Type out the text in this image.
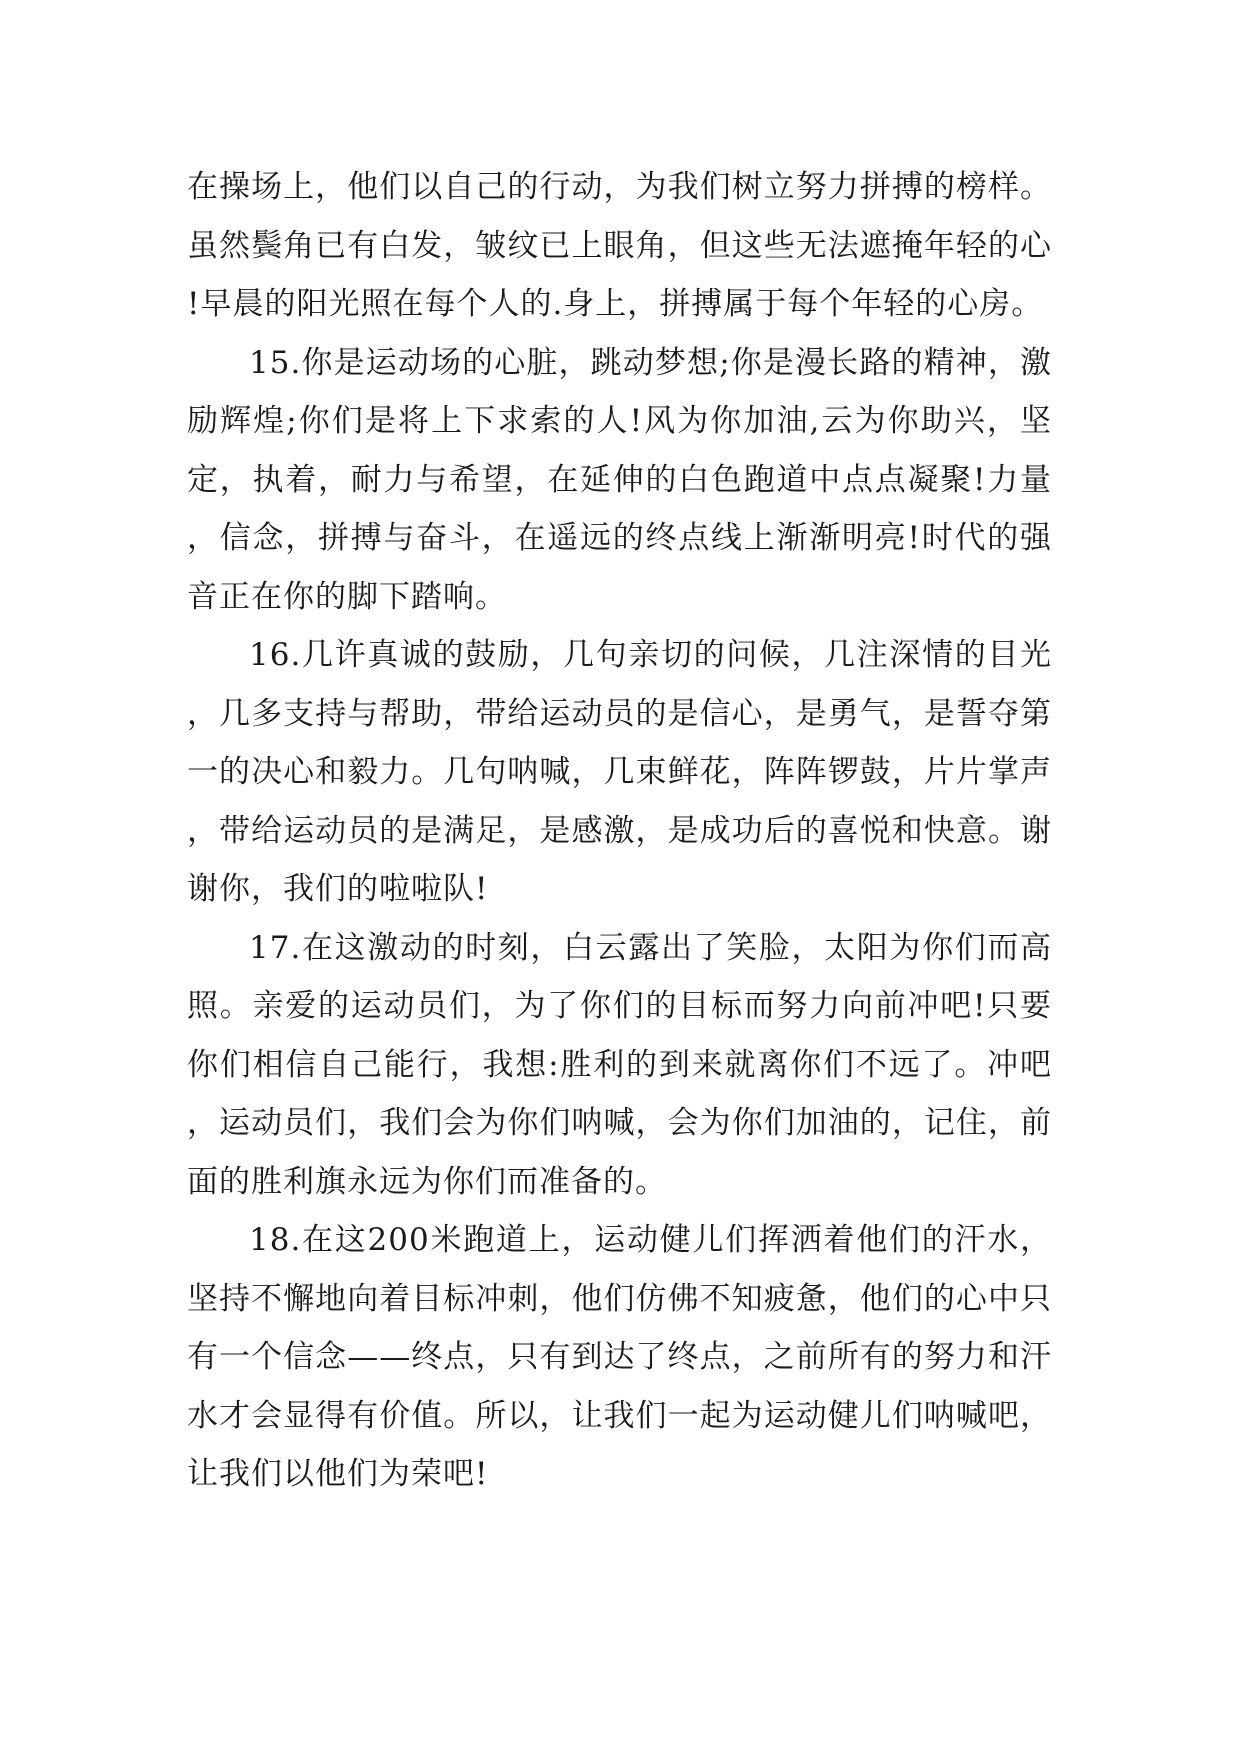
在操场上，他们以自己的行动，为我们树立努力拼搏的榜样。虽然鬓角已有白发，皱纹已上眼角，但这些无法遮掩年轻的心!早晨的阳光照在每个人的.身上，拼搏属于每个年轻的心房。

15.你是运动场的心脏，跳动梦想;你是漫长路的精神，激励辉煌;你们是将上下求索的人!风为你加油,云为你助兴，坚定，执着，耐力与希望，在延伸的白色跑道中点点凝聚!力量，信念，拼搏与奋斗，在遥远的终点线上渐渐明亮!时代的强音正在你的脚下踏响。

16.几许真诚的鼓励，几句亲切的问候，几注深情的目光，几多支持与帮助，带给运动员的是信心，是勇气，是誓夺第一的决心和毅力。几句呐喊，几束鲜花，阵阵锣鼓，片片掌声，带给运动员的是满足，是感激，是成功后的喜悦和快意。谢谢你，我们的啦啦队!

17.在这激动的时刻，白云露出了笑脸，太阳为你们而高照。亲爱的运动员们，为了你们的目标而努力向前冲吧!只要你们相信自己能行，我想:胜利的到来就离你们不远了。冲吧，运动员们，我们会为你们呐喊，会为你们加油的，记住，前面的胜利旗永远为你们而准备的。

18.在这200米跑道上，运动健儿们挥洒着他们的汗水，坚持不懈地向着目标冲刺，他们仿佛不知疲惫，他们的心中只有一个信念——终点，只有到达了终点，之前所有的努力和汗水才会显得有价值。所以，让我们一起为运动健儿们呐喊吧，让我们以他们为荣吧!
